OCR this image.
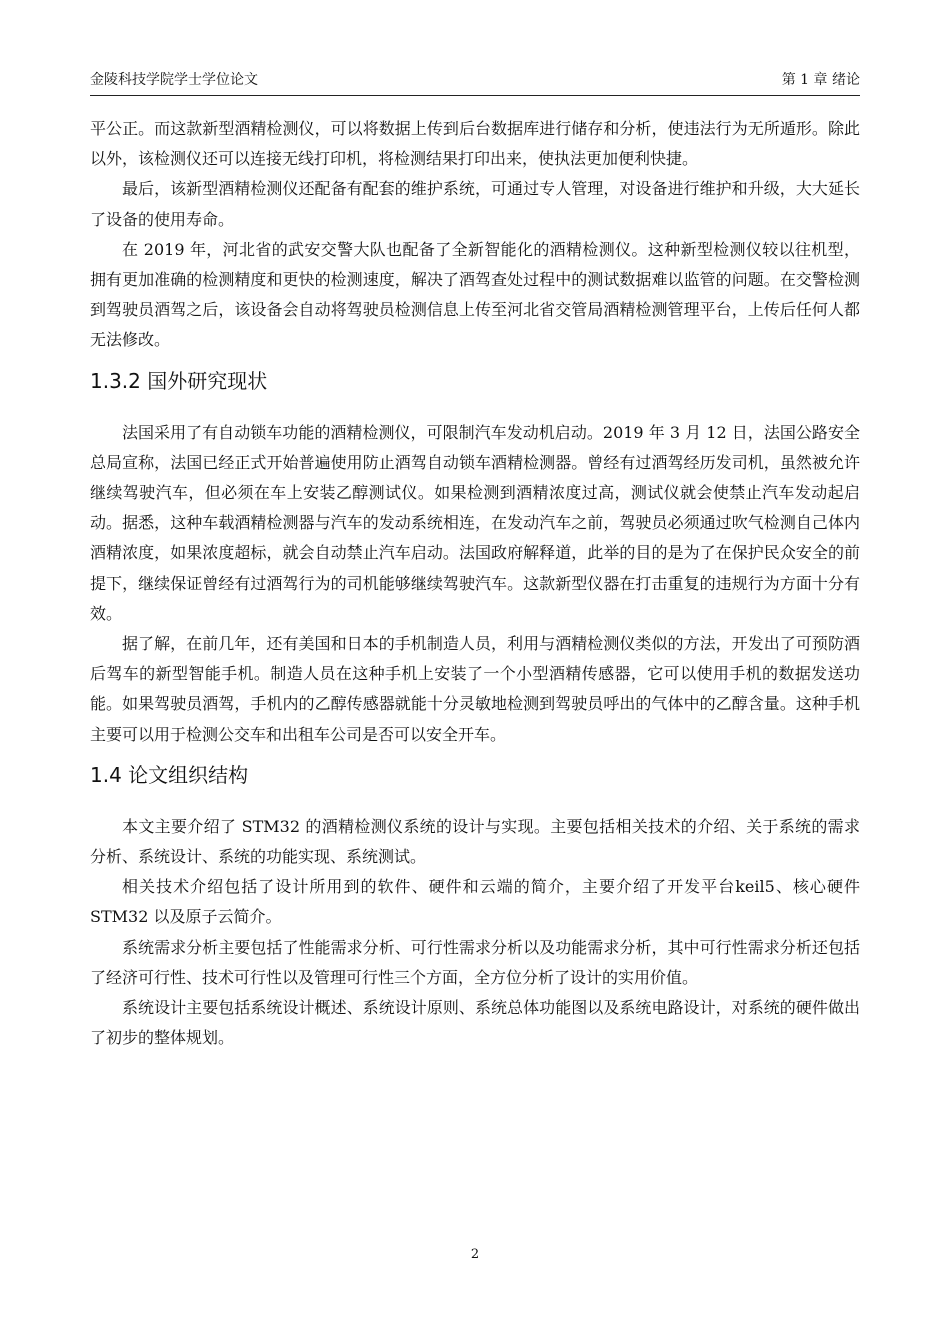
金陵科技学院学士学位论文	第 1 章 绪论

平公正。而这款新型酒精检测仪，可以将数据上传到后台数据库进行储存和分析，使违法行为无所遁形。除此以外，该检测仪还可以连接无线打印机，将检测结果打印出来，使执法更加便利快捷。

最后，该新型酒精检测仪还配备有配套的维护系统，可通过专人管理，对设备进行维护和升级，大大延长了设备的使用寿命。

在 2019 年，河北省的武安交警大队也配备了全新智能化的酒精检测仪。这种新型检测仪较以往机型，拥有更加准确的检测精度和更快的检测速度，解决了酒驾查处过程中的测试数据难以监管的问题。在交警检测到驾驶员酒驾之后，该设备会自动将驾驶员检测信息上传至河北省交管局酒精检测管理平台，上传后任何人都无法修改。

1.3.2 国外研究现状

法国采用了有自动锁车功能的酒精检测仪，可限制汽车发动机启动。2019 年 3 月 12 日，法国公路安全总局宣称，法国已经正式开始普遍使用防止酒驾自动锁车酒精检测器。曾经有过酒驾经历发司机，虽然被允许继续驾驶汽车，但必须在车上安装乙醇测试仪。如果检测到酒精浓度过高，测试仪就会使禁止汽车发动起启动。据悉，这种车载酒精检测器与汽车的发动系统相连，在发动汽车之前，驾驶员必须通过吹气检测自己体内酒精浓度，如果浓度超标，就会自动禁止汽车启动。法国政府解释道，此举的目的是为了在保护民众安全的前提下，继续保证曾经有过酒驾行为的司机能够继续驾驶汽车。这款新型仪器在打击重复的违规行为方面十分有效。

据了解，在前几年，还有美国和日本的手机制造人员，利用与酒精检测仪类似的方法，开发出了可预防酒后驾车的新型智能手机。制造人员在这种手机上安装了一个小型酒精传感器，它可以使用手机的数据发送功能。如果驾驶员酒驾，手机内的乙醇传感器就能十分灵敏地检测到驾驶员呼出的气体中的乙醇含量。这种手机主要可以用于检测公交车和出租车公司是否可以安全开车。

1.4 论文组织结构

本文主要介绍了 STM32 的酒精检测仪系统的设计与实现。主要包括相关技术的介绍、关于系统的需求分析、系统设计、系统的功能实现、系统测试。

相关技术介绍包括了设计所用到的软件、硬件和云端的简介，主要介绍了开发平台keil5、核心硬件 STM32 以及原子云简介。

系统需求分析主要包括了性能需求分析、可行性需求分析以及功能需求分析，其中可行性需求分析还包括了经济可行性、技术可行性以及管理可行性三个方面，全方位分析了设计的实用价值。

系统设计主要包括系统设计概述、系统设计原则、系统总体功能图以及系统电路设计，对系统的硬件做出了初步的整体规划。

2
